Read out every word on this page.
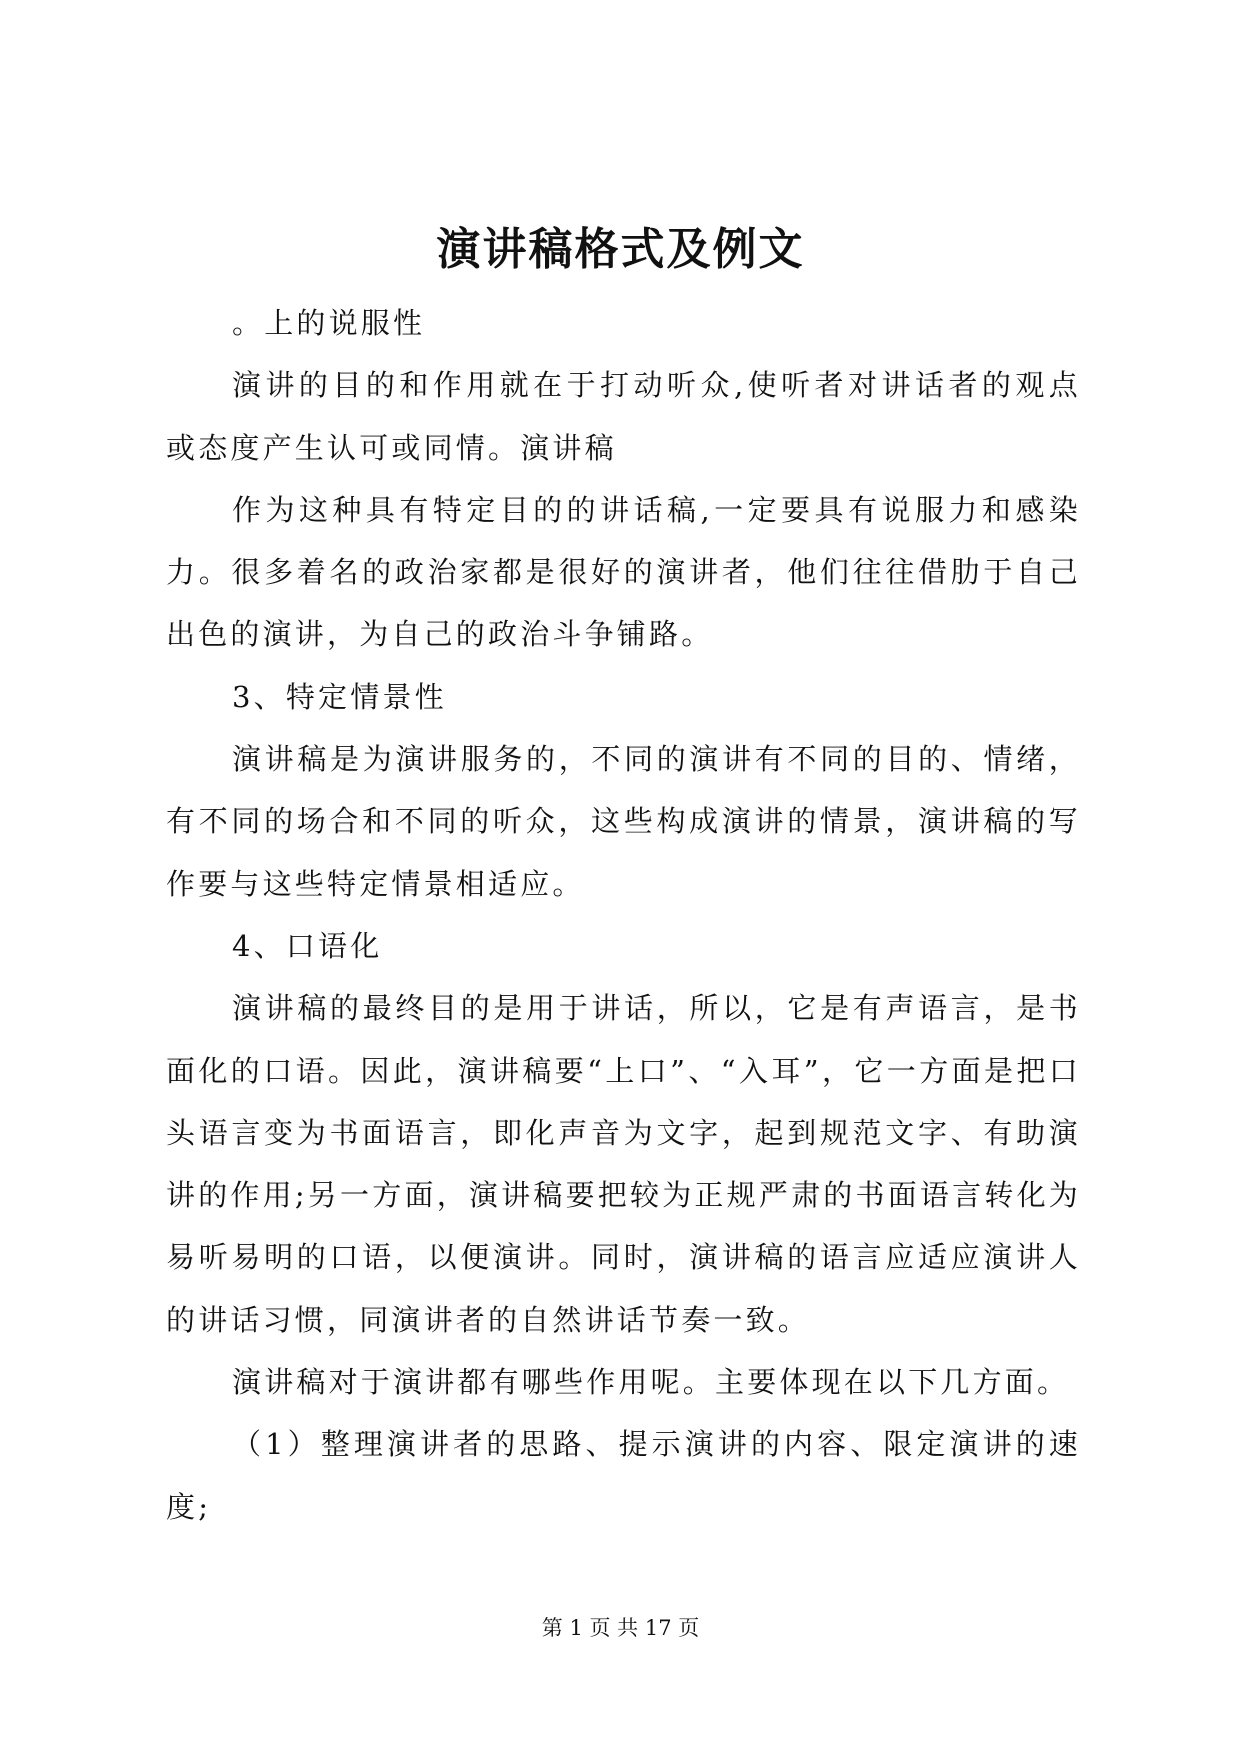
演讲稿格式及例文

。上的说服性

演讲的目的和作用就在于打动听众,使听者对讲话者的观点或态度产生认可或同情。演讲稿

作为这种具有特定目的的讲话稿,一定要具有说服力和感染力。很多着名的政治家都是很好的演讲者，他们往往借肋于自己出色的演讲，为自己的政治斗争铺路。

3、特定情景性

演讲稿是为演讲服务的，不同的演讲有不同的目的、情绪，有不同的场合和不同的听众，这些构成演讲的情景，演讲稿的写作要与这些特定情景相适应。

4、口语化

演讲稿的最终目的是用于讲话，所以，它是有声语言，是书面化的口语。因此，演讲稿要“上口”、“入耳”，它一方面是把口头语言变为书面语言，即化声音为文字，起到规范文字、有助演讲的作用;另一方面，演讲稿要把较为正规严肃的书面语言转化为易听易明的口语，以便演讲。同时，演讲稿的语言应适应演讲人的讲话习惯，同演讲者的自然讲话节奏一致。

演讲稿对于演讲都有哪些作用呢。主要体现在以下几方面。

（1）整理演讲者的思路、提示演讲的内容、限定演讲的速度;

第 1 页 共 17 页
